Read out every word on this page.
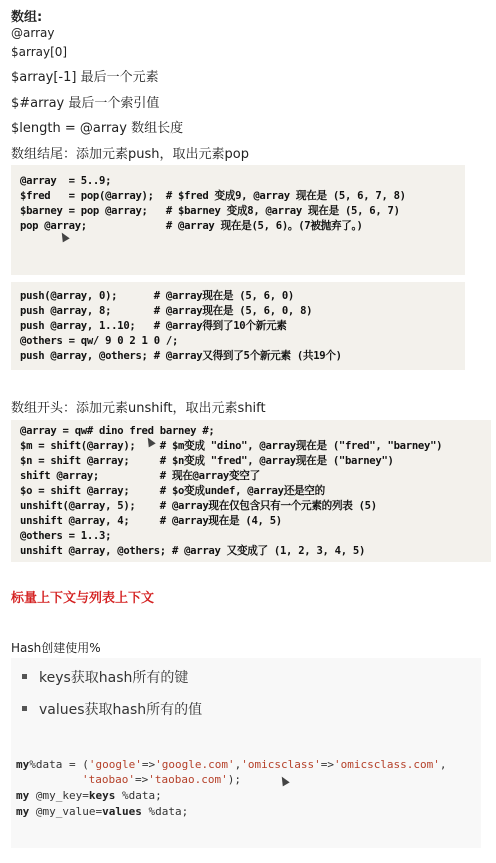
数组:
@array
$array[0]
$array[-1] 最后一个元素
$#array 最后一个索引值
$length = @array 数组长度
数组结尾：添加元素push，取出元素pop
@array  = 5..9;
$fred   = pop(@array);  # $fred 变成9, @array 现在是 (5, 6, 7, 8)
$barney = pop @array;   # $barney 变成8, @array 现在是 (5, 6, 7)
pop @array;             # @array 现在是(5, 6)。(7被抛弃了。)
push(@array, 0);      # @array现在是 (5, 6, 0)
push @array, 8;       # @array现在是 (5, 6, 0, 8)
push @array, 1..10;   # @array得到了10个新元素
@others = qw/ 9 0 2 1 0 /;
push @array, @others; # @array又得到了5个新元素 (共19个)
数组开头：添加元素unshift，取出元素shift
@array = qw# dino fred barney #;
$m = shift(@array);    # $m变成 "dino", @array现在是 ("fred", "barney")
$n = shift @array;     # $n变成 "fred", @array现在是 ("barney")
shift @array;          # 现在@array变空了
$o = shift @array;     # $o变成undef, @array还是空的
unshift(@array, 5);    # @array现在仅包含只有一个元素的列表 (5)
unshift @array, 4;     # @array现在是 (4, 5)
@others = 1..3;
unshift @array, @others; # @array 又变成了 (1, 2, 3, 4, 5)
标量上下文与列表上下文
Hash创建使用%
keys获取hash所有的键
values获取hash所有的值
my%data = ('google'=>'google.com','omicsclass'=>'omicsclass.com',
'taobao'=>'taobao.com');
my @my_key=keys %data;
my @my_value=values %data;
